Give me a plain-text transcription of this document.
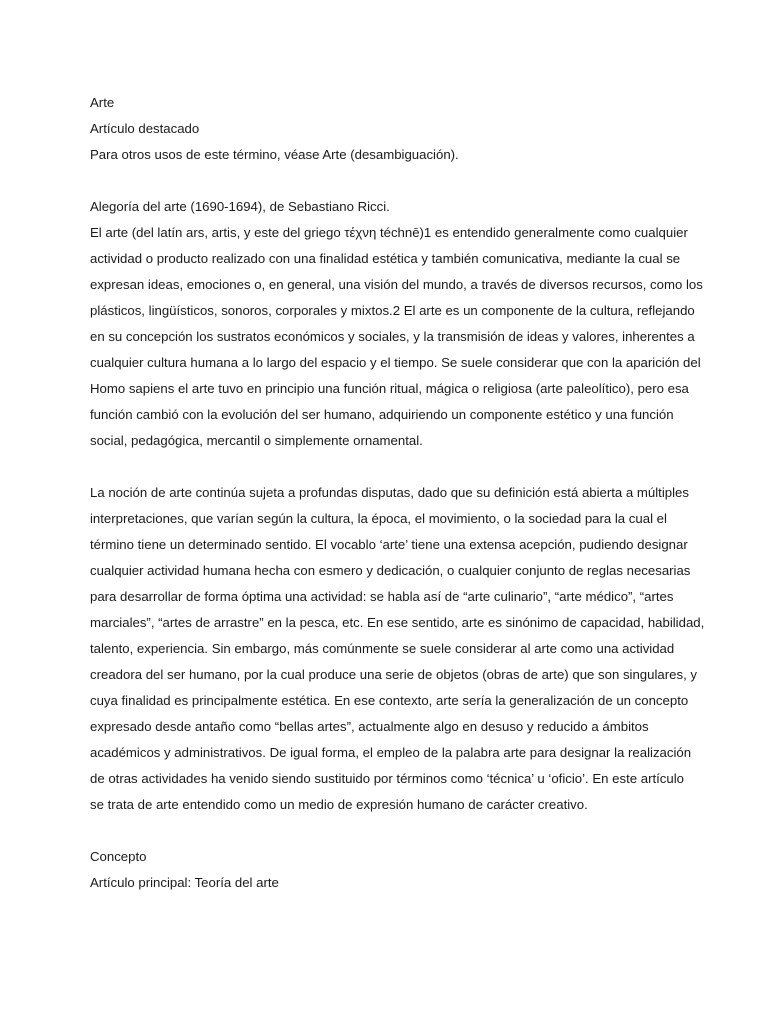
Arte

Artículo destacado

Para otros usos de este término, véase Arte (desambiguación).

Alegoría del arte (1690-1694), de Sebastiano Ricci.

El arte (del latín ars, artis, y este del griego τέχνη téchnē)1 es entendido generalmente como cualquier

actividad o producto realizado con una finalidad estética y también comunicativa, mediante la cual se

expresan ideas, emociones o, en general, una visión del mundo, a través de diversos recursos, como los

plásticos, lingüísticos, sonoros, corporales y mixtos.2 El arte es un componente de la cultura, reflejando

en su concepción los sustratos económicos y sociales, y la transmisión de ideas y valores, inherentes a

cualquier cultura humana a lo largo del espacio y el tiempo. Se suele considerar que con la aparición del

Homo sapiens el arte tuvo en principio una función ritual, mágica o religiosa (arte paleolítico), pero esa

función cambió con la evolución del ser humano, adquiriendo un componente estético y una función

social, pedagógica, mercantil o simplemente ornamental.

La noción de arte continúa sujeta a profundas disputas, dado que su definición está abierta a múltiples

interpretaciones, que varían según la cultura, la época, el movimiento, o la sociedad para la cual el

término tiene un determinado sentido. El vocablo ‘arte’ tiene una extensa acepción, pudiendo designar

cualquier actividad humana hecha con esmero y dedicación, o cualquier conjunto de reglas necesarias

para desarrollar de forma óptima una actividad: se habla así de “arte culinario”, “arte médico”, “artes

marciales”, “artes de arrastre” en la pesca, etc. En ese sentido, arte es sinónimo de capacidad, habilidad,

talento, experiencia. Sin embargo, más comúnmente se suele considerar al arte como una actividad

creadora del ser humano, por la cual produce una serie de objetos (obras de arte) que son singulares, y

cuya finalidad es principalmente estética. En ese contexto, arte sería la generalización de un concepto

expresado desde antaño como “bellas artes”, actualmente algo en desuso y reducido a ámbitos

académicos y administrativos. De igual forma, el empleo de la palabra arte para designar la realización

de otras actividades ha venido siendo sustituido por términos como ‘técnica’ u ‘oficio’. En este artículo

se trata de arte entendido como un medio de expresión humano de carácter creativo.

Concepto

Artículo principal: Teoría del arte
